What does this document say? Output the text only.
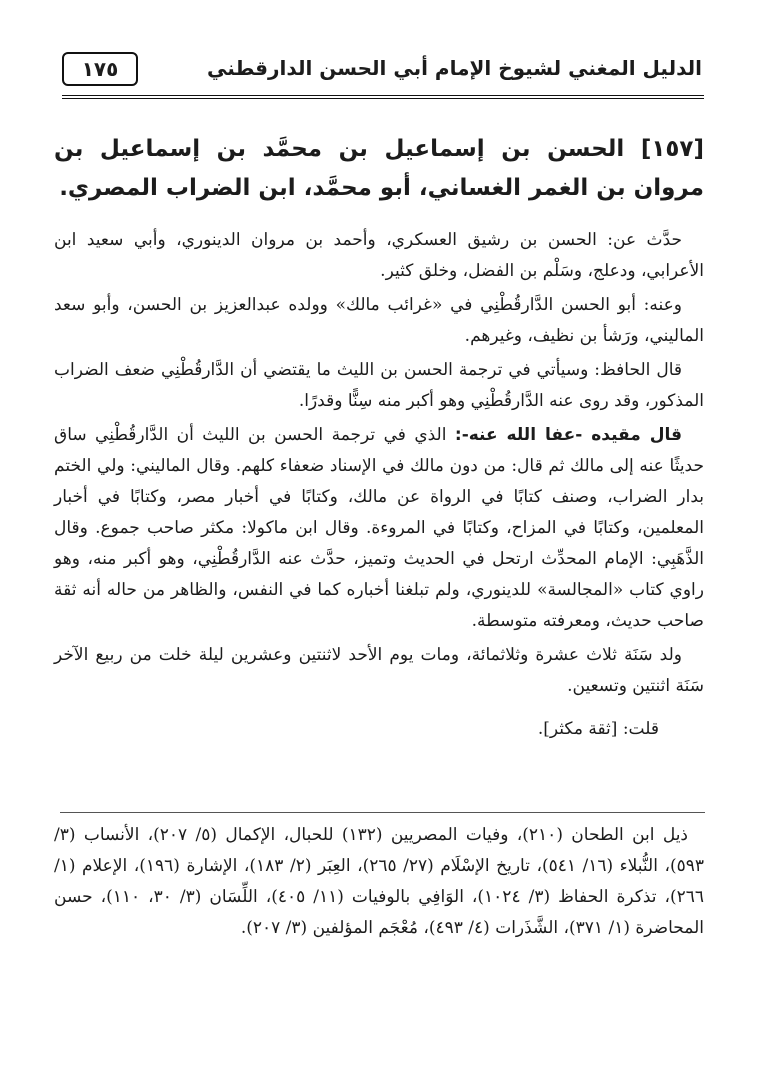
الدليل المغني لشيوخ الإمام أبي الحسن الدارقطني
١٧٥
[١٥٧] الحسن بن إسماعيل بن محمَّد بن إسماعيل بن مروان بن الغمر الغساني، أبو محمَّد، ابن الضراب المصري.

حدَّث عن: الحسن بن رشيق العسكري، وأحمد بن مروان الدينوري، وأبي سعيد ابن الأعرابي، ودعلج، وسَلْم بن الفضل، وخلق كثير.

وعنه: أبو الحسن الدَّارقُطْنِي في «غرائب مالك» وولده عبدالعزيز بن الحسن، وأبو سعد الماليني، ورَشأ بن نظيف، وغيرهم.

قال الحافظ: وسيأتي في ترجمة الحسن بن الليث ما يقتضي أن الدَّارقُطْنِي ضعف الضراب المذكور، وقد روى عنه الدَّارقُطْنِي وهو أكبر منه سِنًّا وقدرًا.

قال مقيده -عفا الله عنه-: الذي في ترجمة الحسن بن الليث أن الدَّارقُطْنِي ساق حديثًا عنه إلى مالك ثم قال: من دون مالك في الإسناد ضعفاء كلهم. وقال الماليني: ولي الختم بدار الضراب، وصنف كتابًا في الرواة عن مالك، وكتابًا في أخبار مصر، وكتابًا في أخبار المعلمين، وكتابًا في المزاح، وكتابًا في المروءة. وقال ابن ماكولا: مكثر صاحب جموع. وقال الذَّهَبِي: الإمام المحدِّث ارتحل في الحديث وتميز، حدَّث عنه الدَّارقُطْنِي، وهو أكبر منه، وهو راوي كتاب «المجالسة» للدينوري، ولم تبلغنا أخباره كما في النفس، والظاهر من حاله أنه ثقة صاحب حديث، ومعرفته متوسطة.

ولد سَنَة ثلاث عشرة وثلاثمائة، ومات يوم الأحد لاثنتين وعشرين ليلة خلت من ربيع الآخر سَنَة اثنتين وتسعين.

قلت: [ثقة مكثر].

ذيل ابن الطحان (٢١٠)، وفيات المصريين (١٣٢) للحبال، الإكمال (٥/ ٢٠٧)، الأنساب (٣/ ٥٩٣)، النُّبلاء (١٦/ ٥٤١)، تاريخ الإسْلَام (٢٧/ ٢٦٥)، العِبَر (٢/ ١٨٣)، الإشارة (١٩٦)، الإعلام (١/ ٢٦٦)، تذكرة الحفاظ (٣/ ١٠٢٤)، الوَافِي بالوفيات (١١/ ٤٠٥)، اللِّسَان (٣/ ٣٠، ١١٠)، حسن المحاضرة (١/ ٣٧١)، الشَّذَرات (٤/ ٤٩٣)، مُعْجَم المؤلفين (٣/ ٢٠٧).
